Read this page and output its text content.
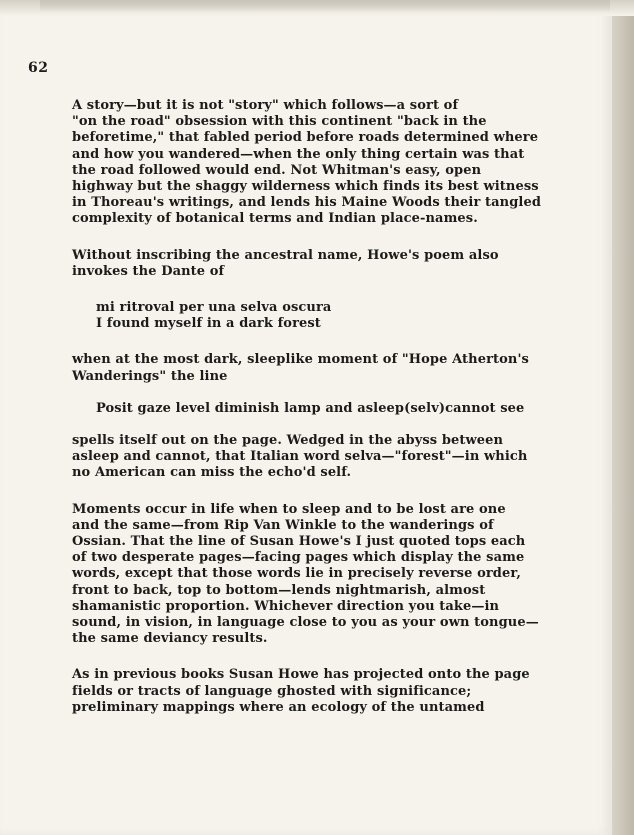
62

A story—but it is not "story" which follows—a sort of
"on the road" obsession with this continent "back in the
beforetime," that fabled period before roads determined where
and how you wandered—when the only thing certain was that
the road followed would end. Not Whitman's easy, open
highway but the shaggy wilderness which finds its best witness
in Thoreau's writings, and lends his Maine Woods their tangled
complexity of botanical terms and Indian place-names.

Without inscribing the ancestral name, Howe's poem also
invokes the Dante of

mi ritroval per una selva oscura
I found myself in a dark forest

when at the most dark, sleeplike moment of "Hope Atherton's
Wanderings" the line

Posit gaze level diminish lamp and asleep(selv)cannot see

spells itself out on the page. Wedged in the abyss between
asleep and cannot, that Italian word selva—"forest"—in which
no American can miss the echo'd self.

Moments occur in life when to sleep and to be lost are one
and the same—from Rip Van Winkle to the wanderings of
Ossian. That the line of Susan Howe's I just quoted tops each
of two desperate pages—facing pages which display the same
words, except that those words lie in precisely reverse order,
front to back, top to bottom—lends nightmarish, almost
shamanistic proportion. Whichever direction you take—in
sound, in vision, in language close to you as your own tongue—
the same deviancy results.

As in previous books Susan Howe has projected onto the page
fields or tracts of language ghosted with significance;
preliminary mappings where an ecology of the untamed
